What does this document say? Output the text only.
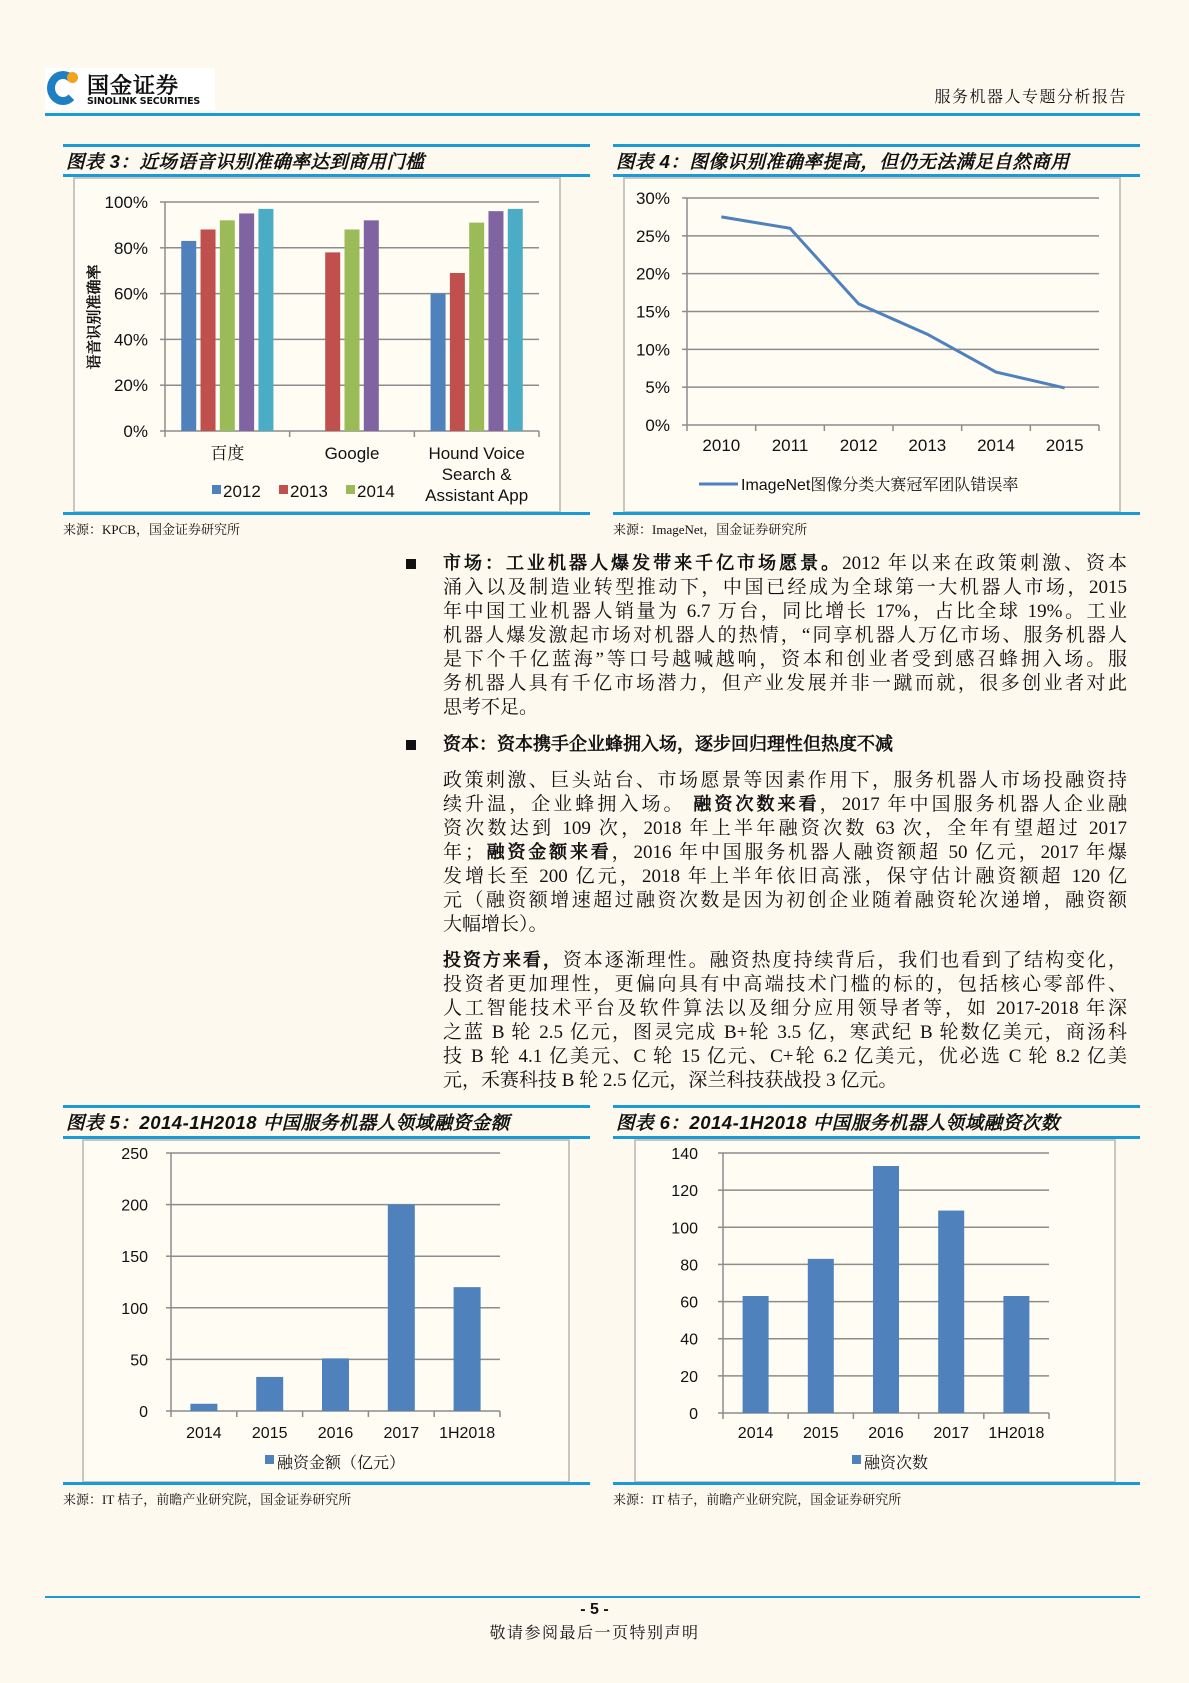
国金证券
SINOLINK SECURITIES	服务机器人专题分析报告
图表 3：近场语音识别准确率达到商用门槛
来源：KPCB，国金证券研究所
图表 4：图像识别准确率提高，但仍无法满足自然商用
来源：ImageNet，国金证券研究所
图表 5：2014-1H2018 中国服务机器人领域融资金额
来源：IT 桔子，前瞻产业研究院，国金证券研究所
图表 6：2014-1H2018 中国服务机器人领域融资次数
来源：IT 桔子，前瞻产业研究院，国金证券研究所
0%
20%
40%
60%
80%
100%
百度	Google	Hound Voice
Search &
Assistant App
语音识别准确率
2012 2013 2014
0%
5%
10%
15%
20%
25%
30%
2010 2011 2012 2013 2014 2015
ImageNet图像分类大赛冠军团队错误率
0
50
100
150
200
250
2014 2015 2016 2017 1H2018
融资金额（亿元）
0
20
40
60
80
100
120
140
2014 2015 2016 2017 1H2018
融资次数
市场：工业机器人爆发带来千亿市场愿景。2012 年以来在政策刺激、资本
涌入以及制造业转型推动下，中国已经成为全球第一大机器人市场，2015
年中国工业机器人销量为 6.7 万台，同比增长 17%，占比全球 19%。工业
机器人爆发激起市场对机器人的热情，“同享机器人万亿市场、服务机器人
是下个千亿蓝海”等口号越喊越响，资本和创业者受到感召蜂拥入场。服
务机器人具有千亿市场潜力，但产业发展并非一蹴而就，很多创业者对此
思考不足。
资本：资本携手企业蜂拥入场，逐步回归理性但热度不减
政策刺激、巨头站台、市场愿景等因素作用下，服务机器人市场投融资持
续升温，企业蜂拥入场。 融资次数来看，2017 年中国服务机器人企业融
资次数达到 109 次，2018 年上半年融资次数 63 次，全年有望超过 2017
年；融资金额来看，2016 年中国服务机器人融资额超 50 亿元，2017 年爆
发增长至 200 亿元，2018 年上半年依旧高涨，保守估计融资额超 120 亿
元（融资额增速超过融资次数是因为初创企业随着融资轮次递增，融资额
大幅增长）。
投资方来看，资本逐渐理性。融资热度持续背后，我们也看到了结构变化，
投资者更加理性，更偏向具有中高端技术门槛的标的，包括核心零部件、
人工智能技术平台及软件算法以及细分应用领导者等，如 2017-2018 年深
之蓝 B 轮 2.5 亿元，图灵完成 B+轮 3.5 亿，寒武纪 B 轮数亿美元，商汤科
技 B 轮 4.1 亿美元、C 轮 15 亿元、C+轮 6.2 亿美元，优必选 C 轮 8.2 亿美
元，禾赛科技 B 轮 2.5 亿元，深兰科技获战投 3 亿元。
- 5 -
敬请参阅最后一页特别声明
